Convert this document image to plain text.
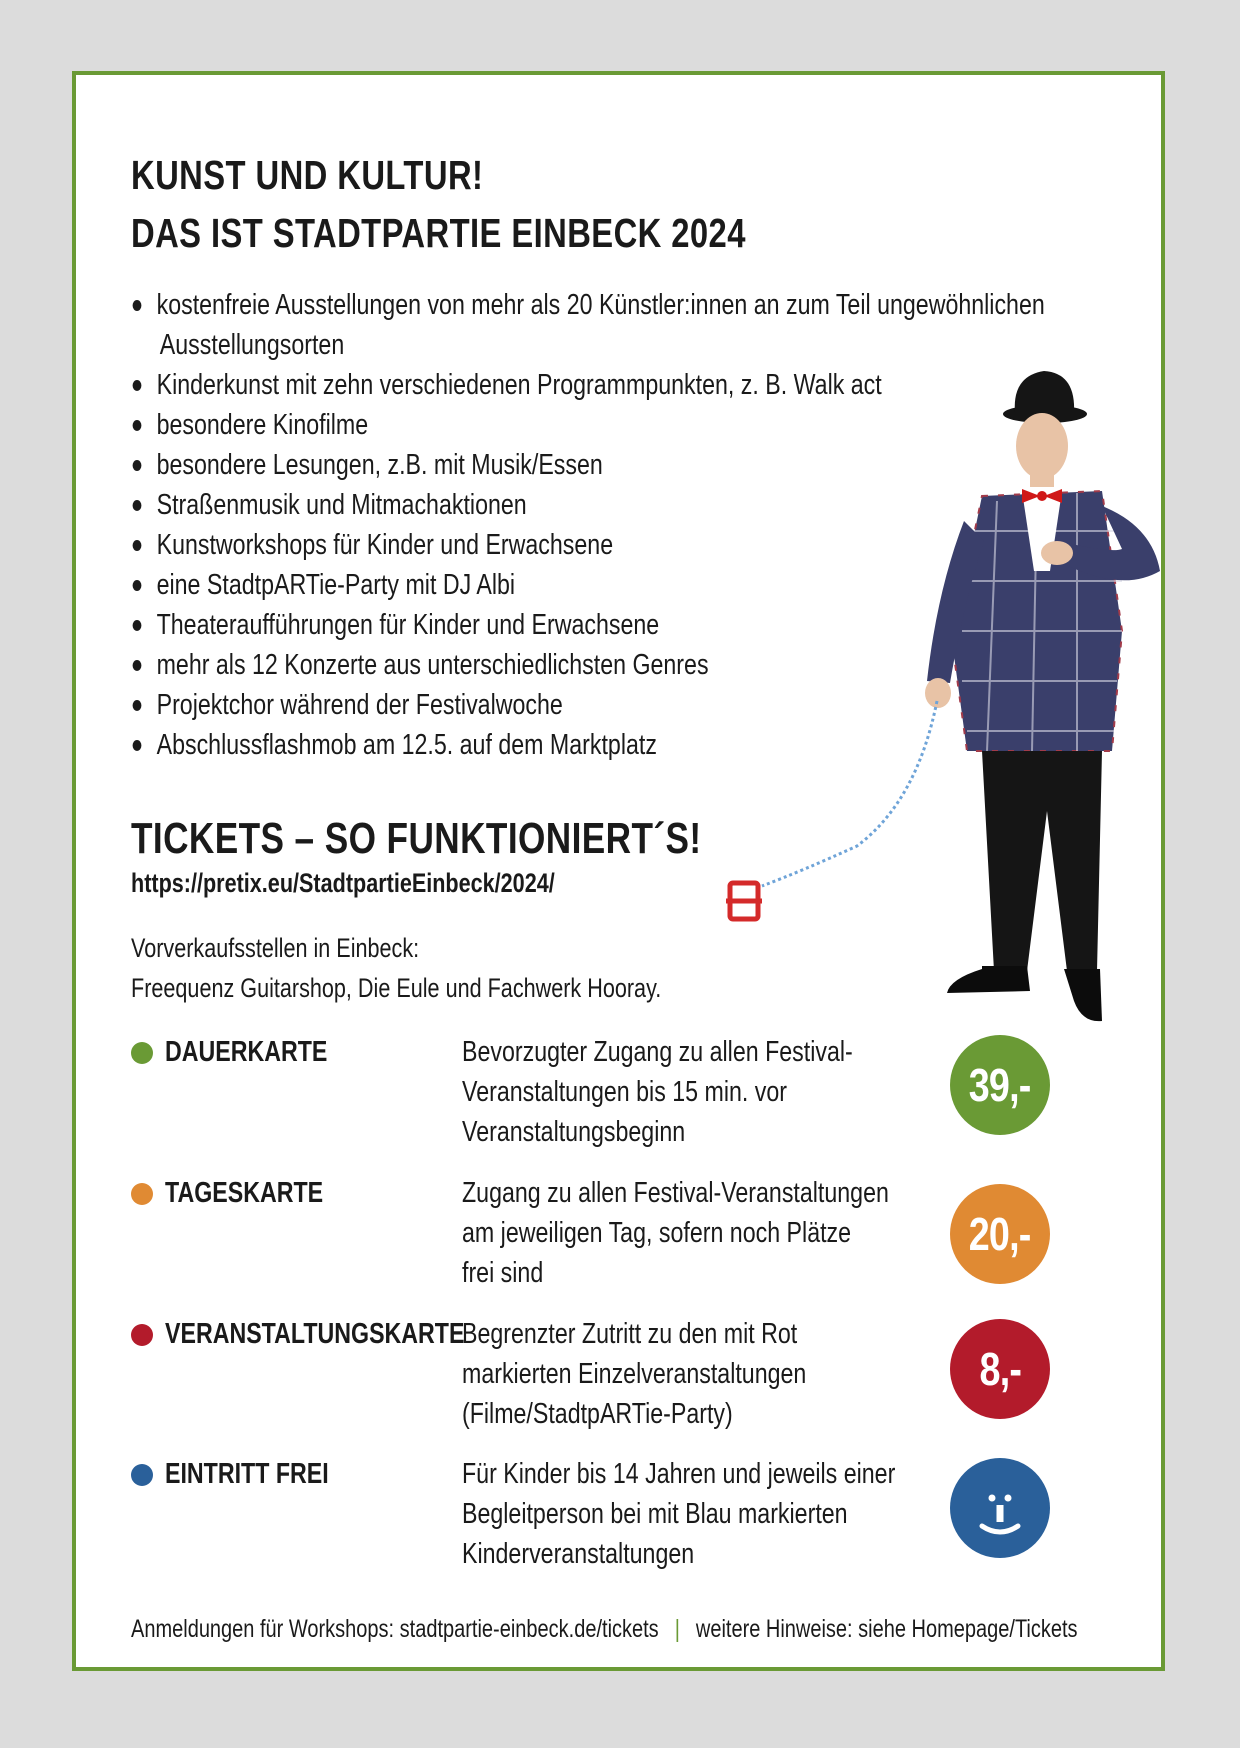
KUNST UND KULTUR!
DAS IST STADTPARTIE EINBECK 2024
kostenfreie Ausstellungen von mehr als 20 Künstler:innen an zum Teil ungewöhnlichen
Ausstellungsorten
Kinderkunst mit zehn verschiedenen Programmpunkten, z. B. Walk act
besondere Kinofilme
besondere Lesungen, z.B. mit Musik/Essen
Straßenmusik und Mitmachaktionen
Kunstworkshops für Kinder und Erwachsene
eine StadtpARTie-Party mit DJ Albi
Theateraufführungen für Kinder und Erwachsene
mehr als 12 Konzerte aus unterschiedlichsten Genres
Projektchor während der Festivalwoche
Abschlussflashmob am 12.5. auf dem Marktplatz
TICKETS – SO FUNKTIONIERT´S!

https://pretix.eu/StadtpartieEinbeck/2024/

Vorverkaufsstellen in Einbeck:

Freequenz Guitarshop, Die Eule und Fachwerk Hooray.

DAUERKARTE	Bevorzugter Zugang zu allen Festival-
Veranstaltungen bis 15 min. vor
Veranstaltungsbeginn
39,-
TAGESKARTE	Zugang zu allen Festival-Veranstaltungen
am jeweiligen Tag, sofern noch Plätze
frei sind
20,-
VERANSTALTUNGSKARTE
Begrenzter Zutritt zu den mit Rot
markierten Einzelveranstaltungen
(Filme/StadtpARTie-Party)
8,-
EINTRITT FREI	Für Kinder bis 14 Jahren und jeweils einer
Begleitperson bei mit Blau markierten
Kinderveranstaltungen
Anmeldungen für Workshops: stadtpartie-einbeck.de/tickets | weitere Hinweise: siehe Homepage/Tickets
